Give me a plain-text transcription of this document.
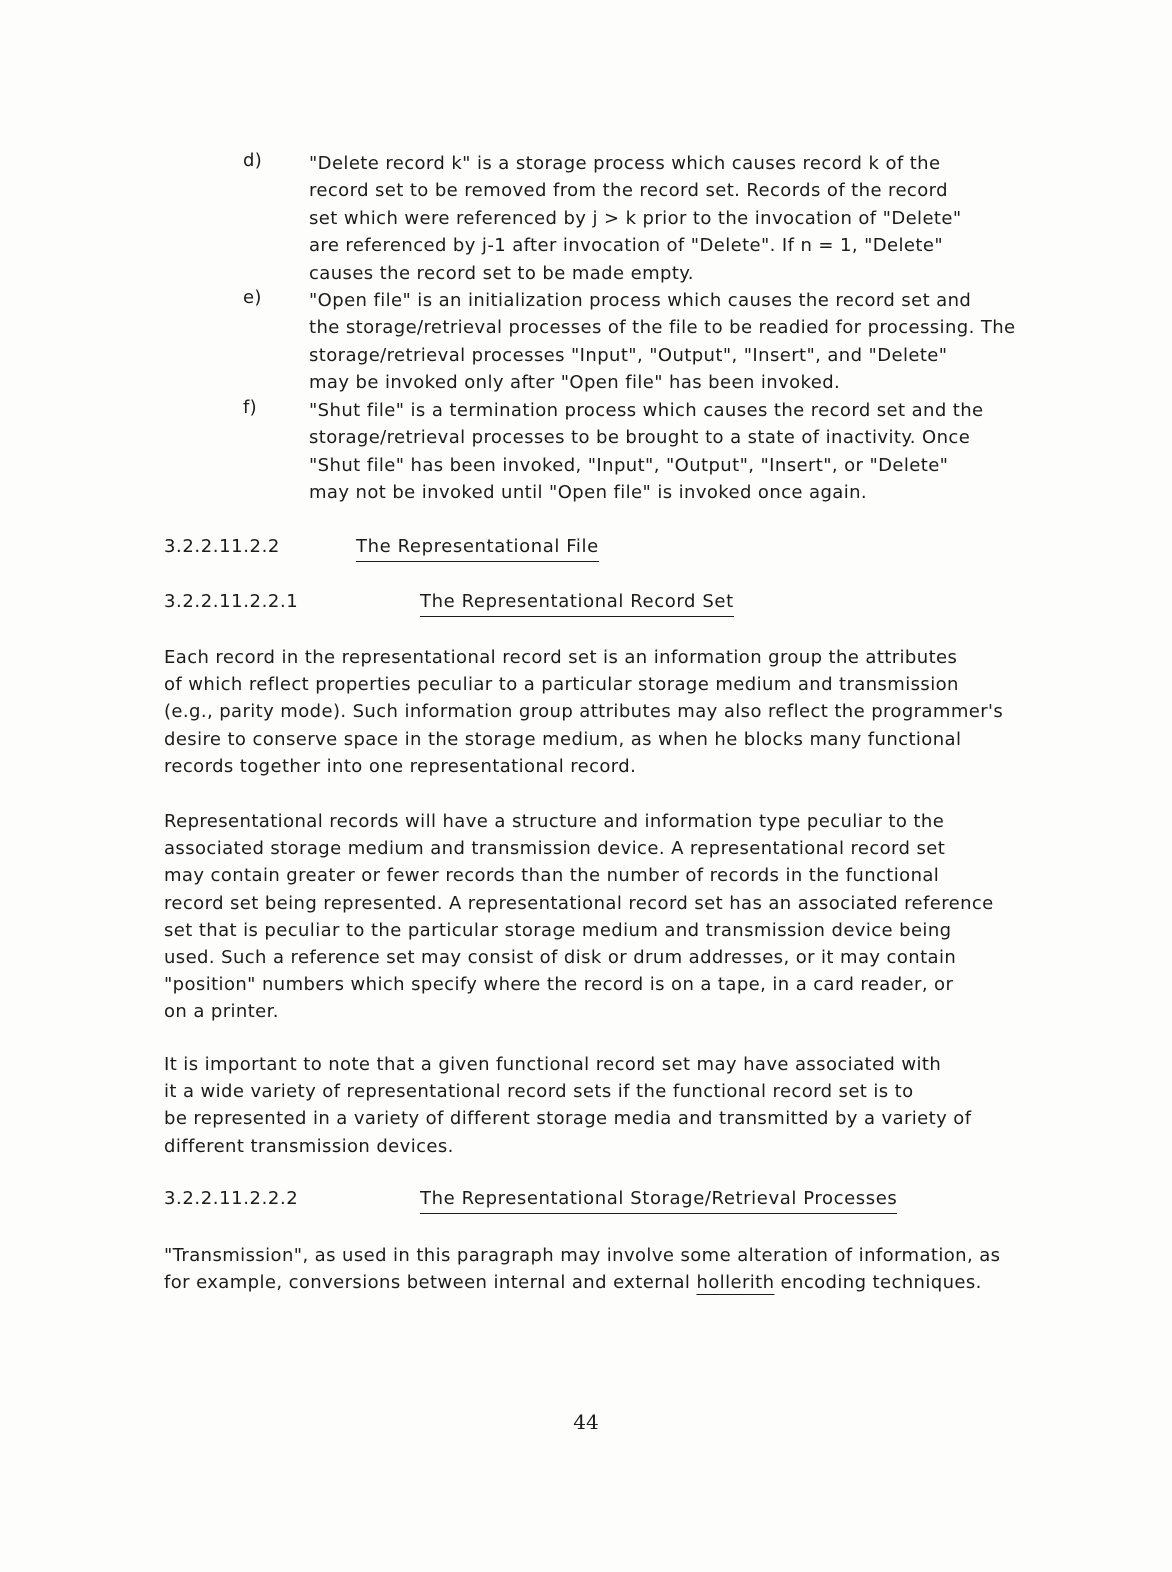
d)	"Delete record k" is a storage process which causes record k of the
record set to be removed from the record set. Records of the record
set which were referenced by j > k prior to the invocation of "Delete"
are referenced by j-1 after invocation of "Delete". If n = 1, "Delete"
causes the record set to be made empty.
e)	"Open file" is an initialization process which causes the record set and
the storage/retrieval processes of the file to be readied for processing. The
storage/retrieval processes "Input", "Output", "Insert", and "Delete"
may be invoked only after "Open file" has been invoked.
f)	"Shut file" is a termination process which causes the record set and the
storage/retrieval processes to be brought to a state of inactivity. Once
"Shut file" has been invoked, "Input", "Output", "Insert", or "Delete"
may not be invoked until "Open file" is invoked once again.
3.2.2.11.2.2	The Representational File
3.2.2.11.2.2.1	The Representational Record Set
Each record in the representational record set is an information group the attributes
of which reflect properties peculiar to a particular storage medium and transmission
(e.g., parity mode). Such information group attributes may also reflect the programmer's
desire to conserve space in the storage medium, as when he blocks many functional
records together into one representational record.
Representational records will have a structure and information type peculiar to the
associated storage medium and transmission device. A representational record set
may contain greater or fewer records than the number of records in the functional
record set being represented. A representational record set has an associated reference
set that is peculiar to the particular storage medium and transmission device being
used. Such a reference set may consist of disk or drum addresses, or it may contain
"position" numbers which specify where the record is on a tape, in a card reader, or
on a printer.
It is important to note that a given functional record set may have associated with
it a wide variety of representational record sets if the functional record set is to
be represented in a variety of different storage media and transmitted by a variety of
different transmission devices.
3.2.2.11.2.2.2	The Representational Storage/Retrieval Processes
"Transmission", as used in this paragraph may involve some alteration of information, as
for example, conversions between internal and external hollerith encoding techniques.
44
